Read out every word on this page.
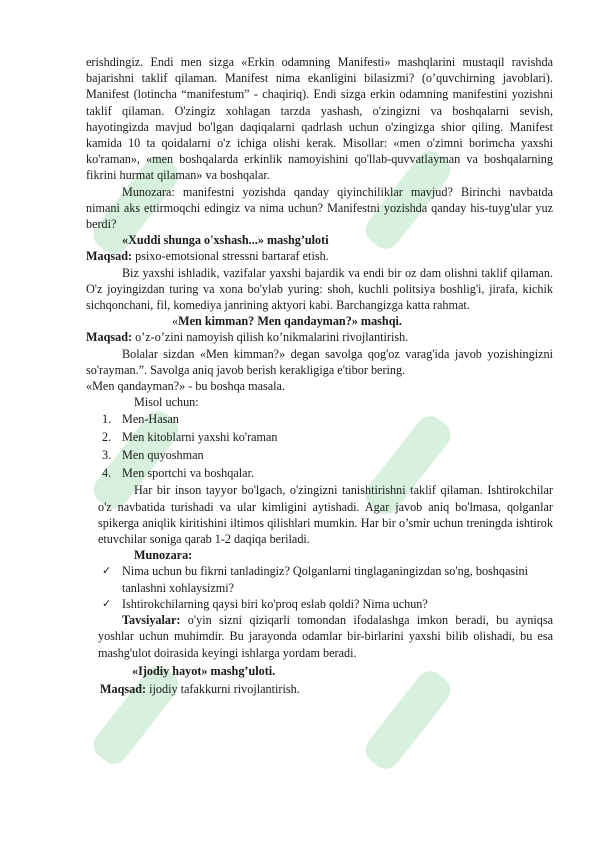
erishdingiz. Endi men sizga «Erkin odamning Manifesti» mashqlarini mustaqil ravishda bajarishni taklif qilaman. Manifest nima ekanligini bilasizmi? (o’quvchirning javoblari). Manifest (lotincha “manifestum” - chaqiriq). Endi sizga erkin odamning manifestini yozishni taklif qilaman. O'zingiz xohlagan tarzda yashash, o'zingizni va boshqalarni sevish, hayotingizda mavjud bo'lgan daqiqalarni qadrlash uchun o'zingizga shior qiling. Manifest kamida 10 ta qoidalarni o'z ichiga olishi kerak. Misollar: «men o'zimni borimcha yaxshi ko'raman», «men boshqalarda erkinlik namoyishini qo'llab-quvvatlayman va boshqalarning fikrini hurmat qilaman» va boshqalar.

Munozara: manifestni yozishda qanday qiyinchiliklar mavjud? Birinchi navbatda nimani aks ettirmoqchi edingiz va nima uchun? Manifestni yozishda qanday his-tuyg'ular yuz berdi?

«Xuddi shunga o'xshash...» mashg’uloti

Maqsad: psixo-emotsional stressni bartaraf etish.

Biz yaxshi ishladik, vazifalar yaxshi bajardik va endi bir oz dam olishni taklif qilaman. O'z joyingizdan turing va xona bo'ylab yuring: shoh, kuchli politsiya boshlig'i, jirafa, kichik sichqonchani, fil, komediya janrining aktyori kabi. Barchangizga katta rahmat.

«Men kimman? Men qandayman?» mashqi.

Maqsad: o’z-o’zini namoyish qilish ko’nikmalarini rivojlantirish.

Bolalar sizdan «Men kimman?» degan savolga qog'oz varag'ida javob yozishingizni so'rayman.”. Savolga aniq javob berish kerakligiga e'tibor bering.

«Men qandayman?» - bu boshqa masala.

Misol uchun:

1. Men-Hasan
2. Men kitoblarni yaxshi ko'raman
3. Men quyoshman
4. Men sportchi va boshqalar.

Har bir inson tayyor bo'lgach, o'zingizni tanishtirishni taklif qilaman. Ishtirokchilar o'z navbatida turishadi va ular kimligini aytishadi. Agar javob aniq bo'lmasa, qolganlar spikerga aniqlik kiritishini iltimos qilishlari mumkin. Har bir o’smir uchun treningda ishtirok etuvchilar soniga qarab 1-2 daqiqa beriladi.

Munozara:

✓ Nima uchun bu fikrni tanladingiz? Qolganlarni tinglaganingizdan so'ng, boshqasini tanlashni xohlaysizmi?
✓ Ishtirokchilarning qaysi biri ko'proq eslab qoldi? Nima uchun?

Tavsiyalar: o'yin sizni qiziqarli tomondan ifodalashga imkon beradi, bu ayniqsa yoshlar uchun muhimdir. Bu jarayonda odamlar bir-birlarini yaxshi bilib olishadi, bu esa mashg'ulot doirasida keyingi ishlarga yordam beradi.

«Ijodiy hayot» mashg’uloti.

Maqsad: ijodiy tafakkurni rivojlantirish.
